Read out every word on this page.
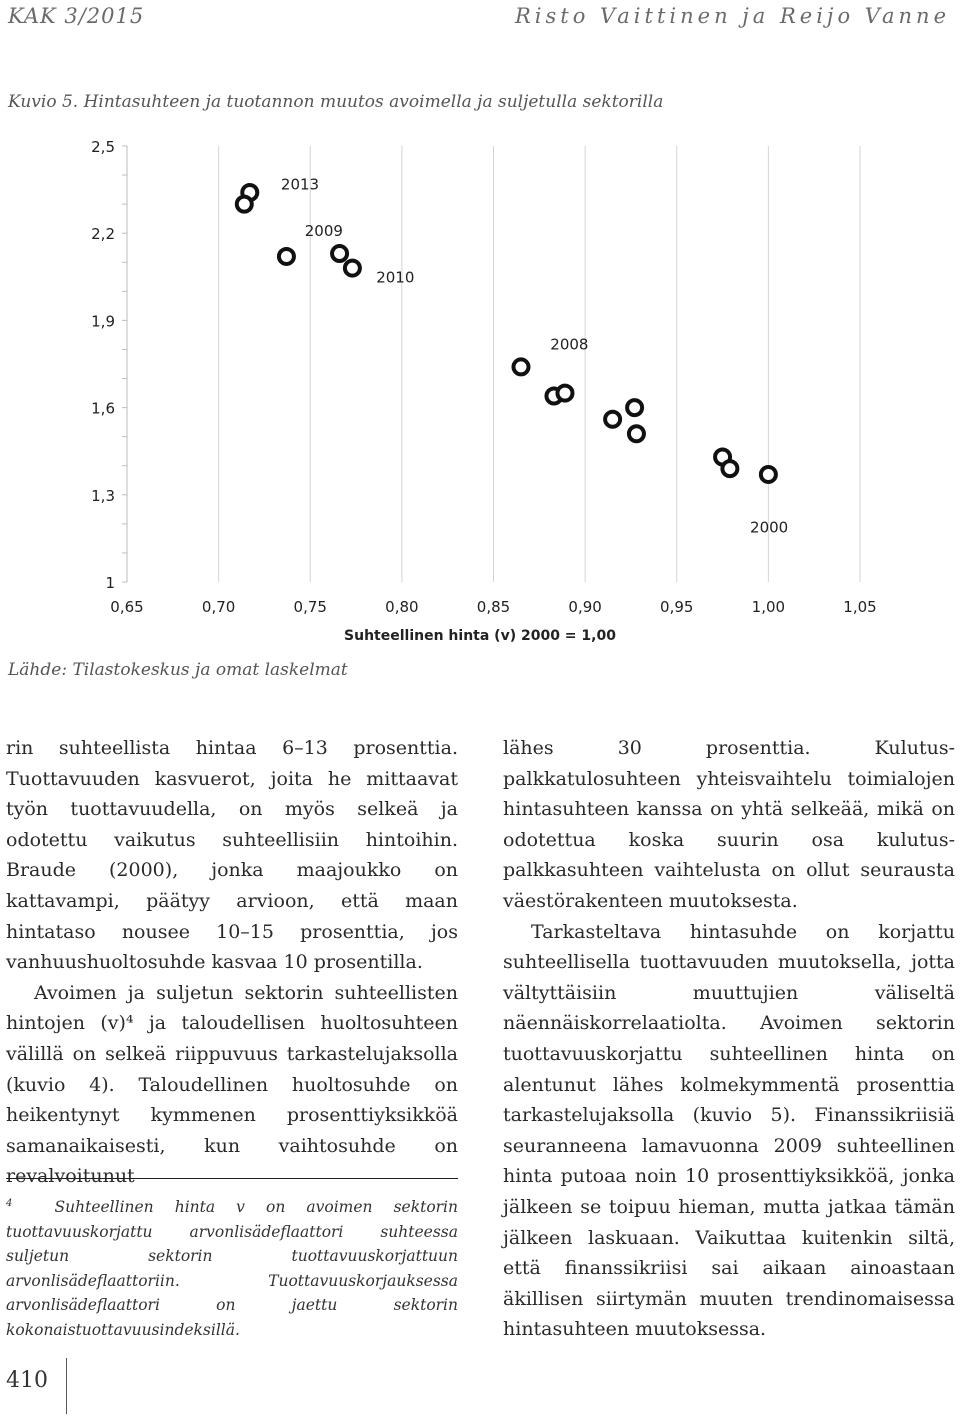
KAK 3/2015	Risto Vaittinen ja Reijo Vanne
Kuvio 5. Hintasuhteen ja tuotannon muutos avoimella ja suljetulla sektorilla
1
1,3
1,6
1,9
2,2
2,5
0,65	0,70	0,75	0,80	0,85	0,90	0,95	1,00	1,05
2013
2009
2010
2008
2000
Suhteellinen hinta (v) 2000 = 1,00
Lähde: Tilastokeskus ja omat laskelmat

rin suhteellista hintaa 6–13 prosenttia. Tuottavuuden kasvuerot, joita he mittaavat työn tuottavuudella, on myös selkeä ja odotettu vaikutus suhteellisiin hintoihin. Braude (2000), jonka maajoukko on kattavampi, päätyy arvioon, että maan hintataso nousee 10–15 prosenttia, jos vanhuushuoltosuhde kasvaa 10 prosentilla.

Avoimen ja suljetun sektorin suhteellisten hintojen (v)⁴ ja taloudellisen huoltosuhteen välillä on selkeä riippuvuus tarkastelujaksolla (kuvio 4). Taloudellinen huoltosuhde on heikentynyt kymmenen prosenttiyksikköä samanaikaisesti, kun vaihtosuhde on revalvoitunut

lähes 30 prosenttia. Kulutus-palkkatulosuhteen yhteisvaihtelu toimialojen hintasuhteen kanssa on yhtä selkeää, mikä on odotettua koska suurin osa kulutus-palkkasuhteen vaihtelusta on ollut seurausta väestörakenteen muutoksesta.

Tarkasteltava hintasuhde on korjattu suhteellisella tuottavuuden muutoksella, jotta vältyttäisiin muuttujien väliseltä näennäiskorrelaatiolta. Avoimen sektorin tuottavuuskorjattu suhteellinen hinta on alentunut lähes kolmekymmentä prosenttia tarkastelujaksolla (kuvio 5). Finanssikriisiä seuranneena lamavuonna 2009 suhteellinen hinta putoaa noin 10 prosenttiyksikköä, jonka jälkeen se toipuu hieman, mutta jatkaa tämän jälkeen laskuaan. Vaikuttaa kuitenkin siltä, että finanssikriisi sai aikaan ainoastaan äkillisen siirtymän muuten trendinomaisessa hintasuhteen muutoksessa.

$^4$	Suhteellinen hinta v on avoimen sektorin tuottavuuskorjattu arvonlisädeflaattori suhteessa suljetun sektorin tuottavuuskorjattuun arvonlisädeflaattoriin. Tuottavuuskorjauksessa arvonlisädeflaattori on jaettu sektorin kokonaistuottavuusindeksillä.
410
